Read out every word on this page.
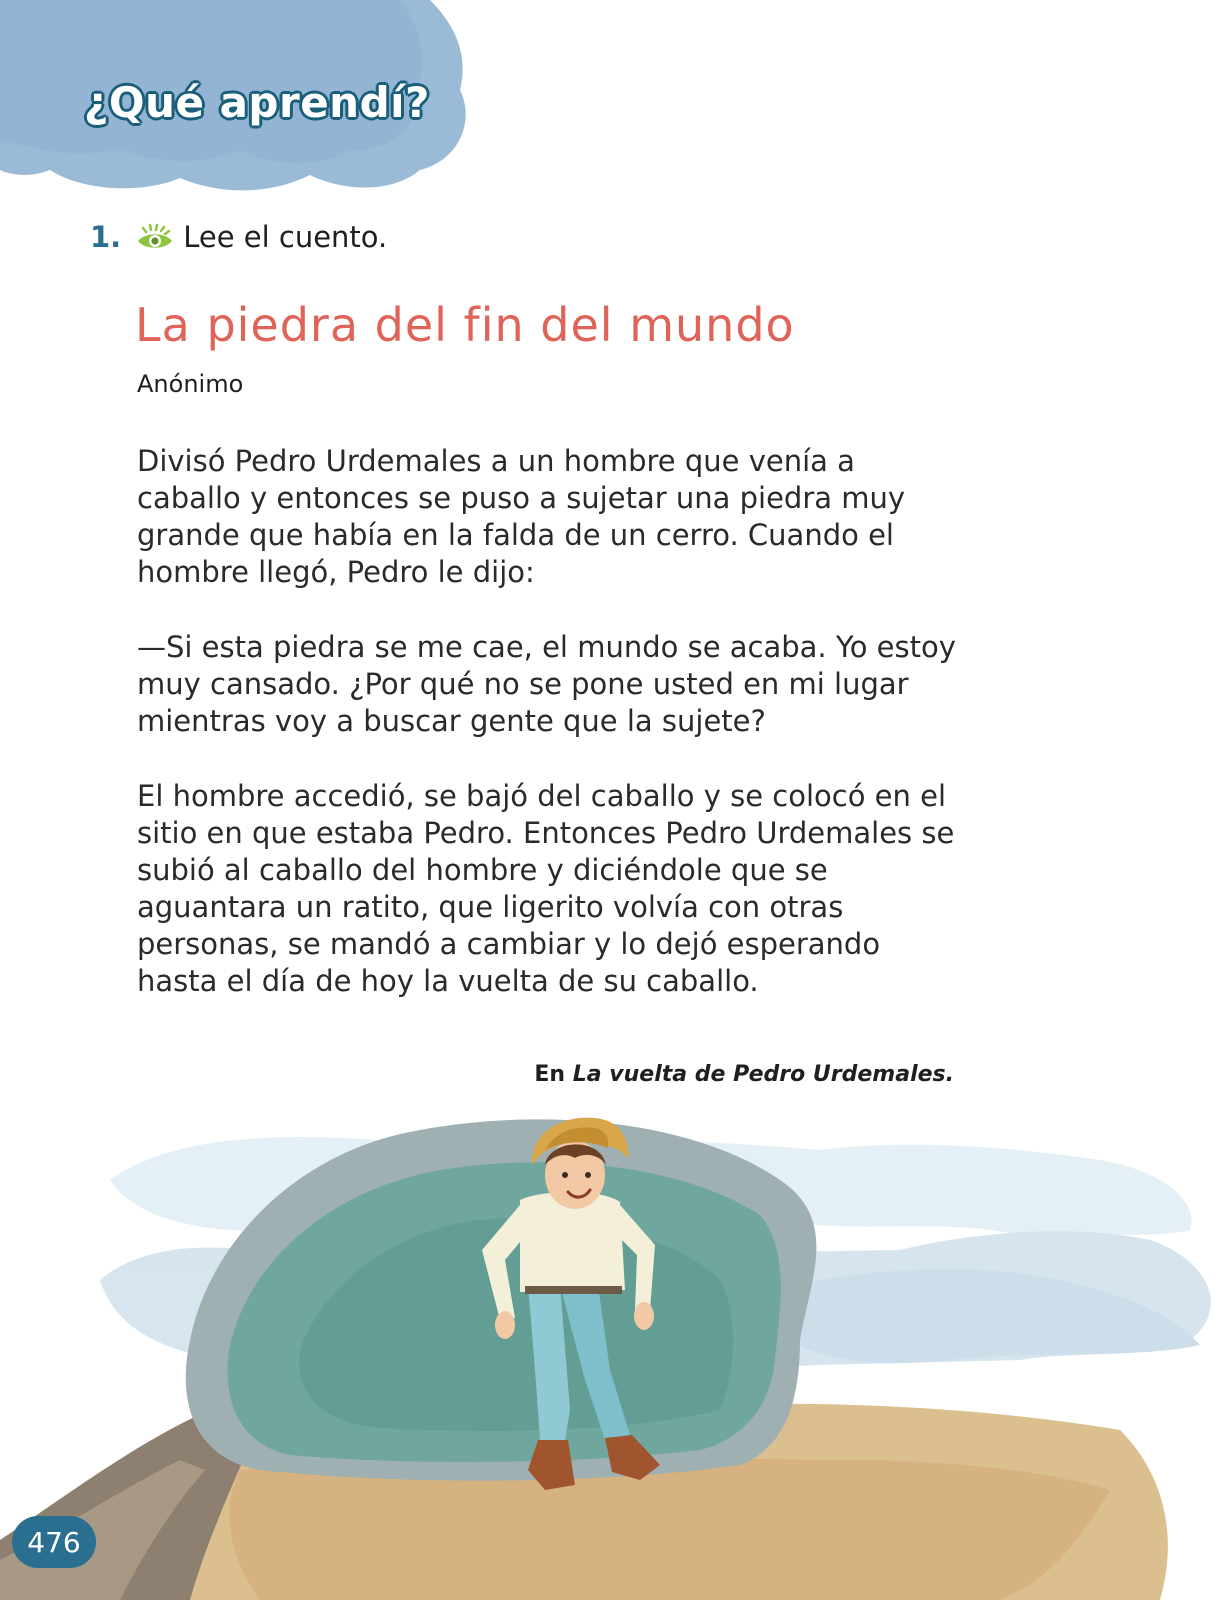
¿Qué aprendí?
1. Lee el cuento.
La piedra del fin del mundo
Anónimo

Divisó Pedro Urdemales a un hombre que venía a caballo y entonces se puso a sujetar una piedra muy grande que había en la falda de un cerro. Cuando el hombre llegó, Pedro le dijo:

—Si esta piedra se me cae, el mundo se acaba. Yo estoy muy cansado. ¿Por qué no se pone usted en mi lugar mientras voy a buscar gente que la sujete?

El hombre accedió, se bajó del caballo y se colocó en el sitio en que estaba Pedro. Entonces Pedro Urdemales se subió al caballo del hombre y diciéndole que se aguantara un ratito, que ligerito volvía con otras personas, se mandó a cambiar y lo dejó esperando hasta el día de hoy la vuelta de su caballo.

En La vuelta de Pedro Urdemales.
476
